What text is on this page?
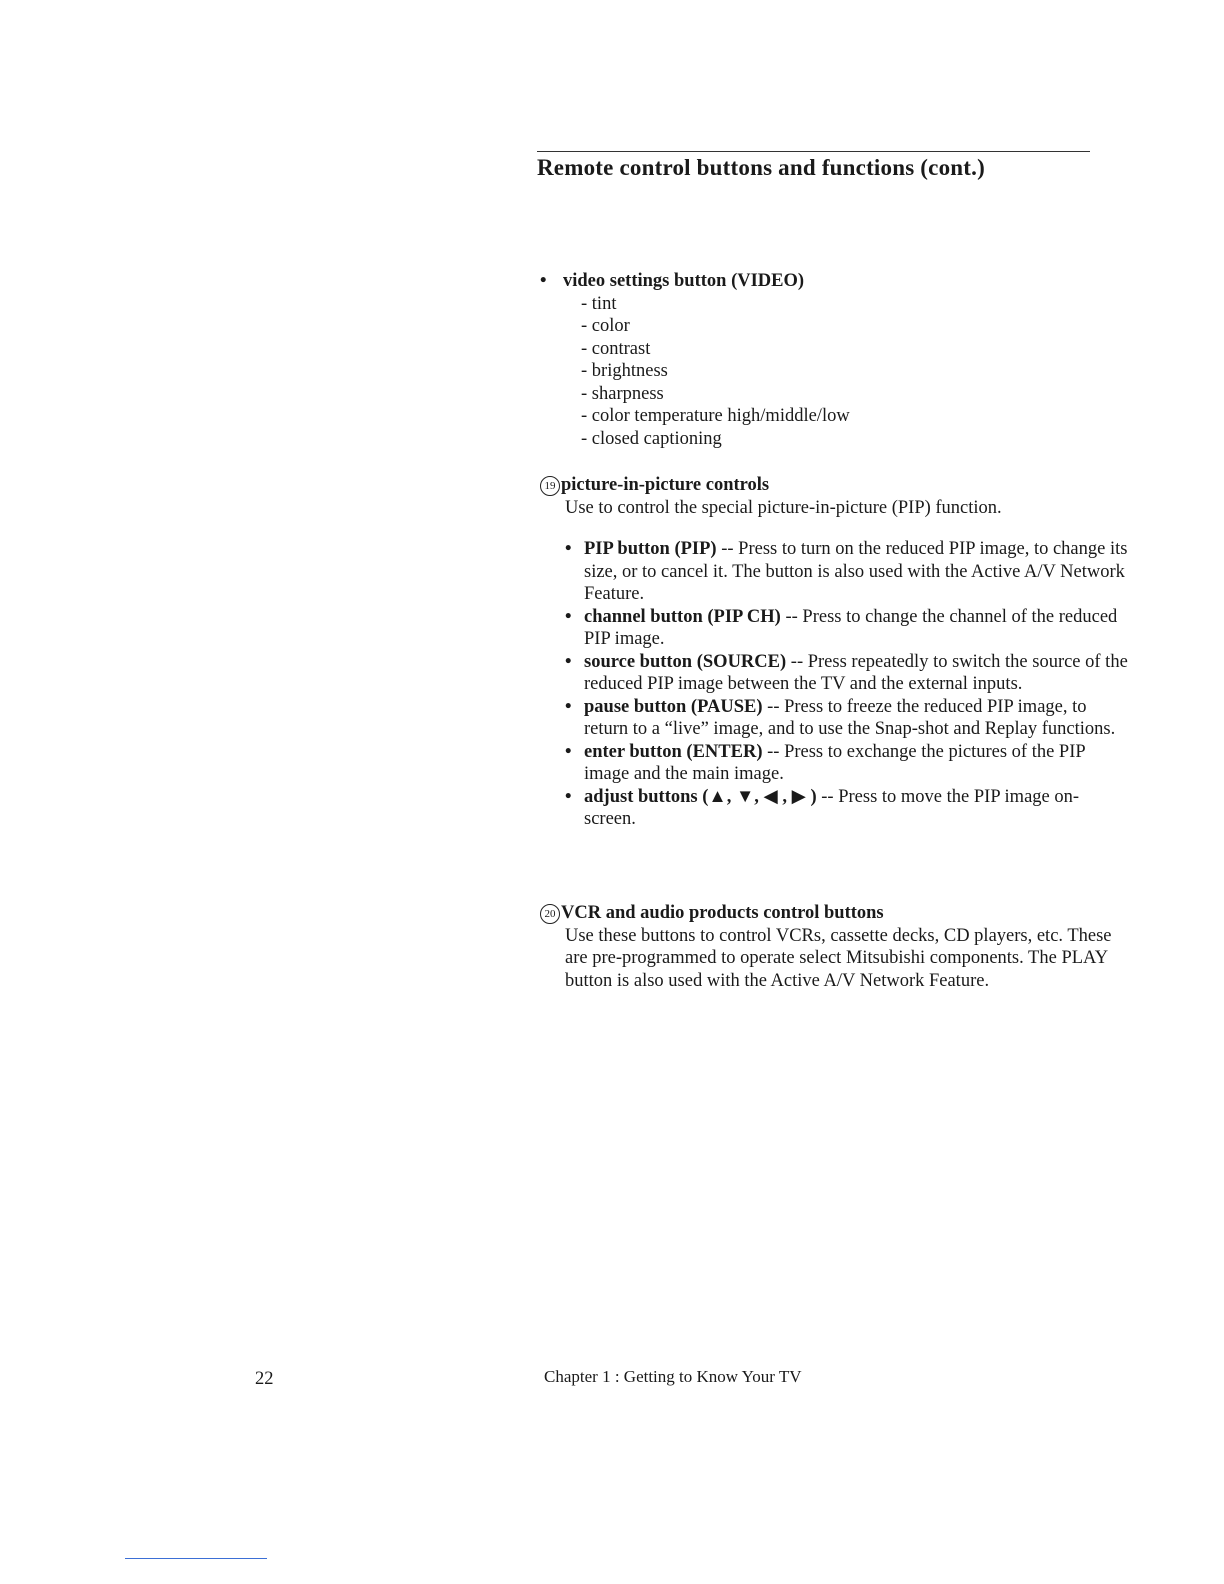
Remote control buttons and functions (cont.)
• video settings button (VIDEO)
- tint
- color
- contrast
- brightness
- sharpness
- color temperature high/middle/low
- closed captioning
19 picture-in-picture controls
Use to control the special picture-in-picture (PIP) function.
• PIP button (PIP) -- Press to turn on the reduced PIP image, to change its size, or to cancel it. The button is also used with the Active A/V Network Feature.
• channel button (PIP CH) -- Press to change the channel of the reduced PIP image.
• source button (SOURCE) -- Press repeatedly to switch the source of the reduced PIP image between the TV and the external inputs.
• pause button (PAUSE) -- Press to freeze the reduced PIP image, to return to a “live” image, and to use the Snap-shot and Replay functions.
• enter button (ENTER) -- Press to exchange the pictures of the PIP image and the main image.
• adjust buttons (▲, ▼, ◀ , ▶ ) -- Press to move the PIP image on-screen.
20 VCR and audio products control buttons
Use these buttons to control VCRs, cassette decks, CD players, etc. These are pre-programmed to operate select Mitsubishi components. The PLAY button is also used with the Active A/V Network Feature.
22	Chapter 1 : Getting to Know Your TV
